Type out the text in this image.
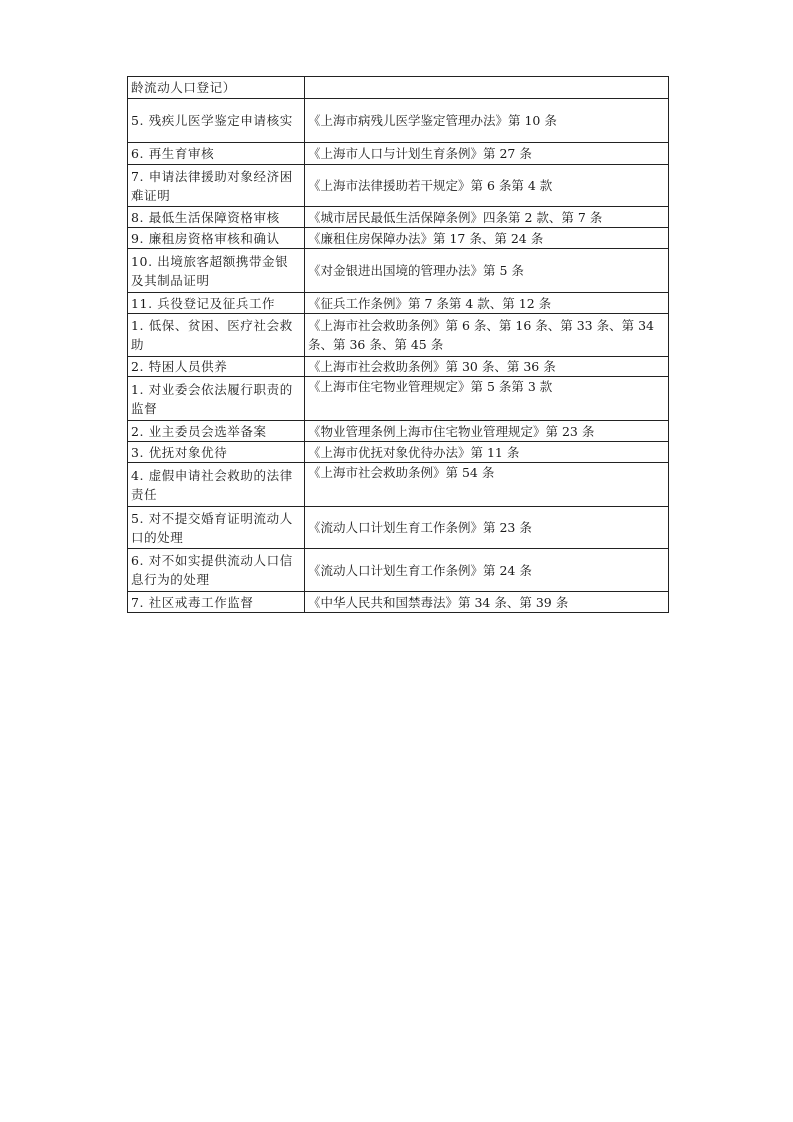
龄流动人口登记）	
5. 残疾儿医学鉴定申请核实	《上海市病残儿医学鉴定管理办法》第 10 条
6. 再生育审核	《上海市人口与计划生育条例》第 27 条
7. 申请法律援助对象经济困难证明	《上海市法律援助若干规定》第 6 条第 4 款
8. 最低生活保障资格审核	《城市居民最低生活保障条例》四条第 2 款、第 7 条
9. 廉租房资格审核和确认	《廉租住房保障办法》第 17 条、第 24 条
10. 出境旅客超额携带金银及其制品证明	《对金银进出国境的管理办法》第 5 条
11. 兵役登记及征兵工作	《征兵工作条例》第 7 条第 4 款、第 12 条
1. 低保、贫困、医疗社会救助	《上海市社会救助条例》第 6 条、第 16 条、第 33 条、第 34 条、第 36 条、第 45 条
2. 特困人员供养	《上海市社会救助条例》第 30 条、第 36 条
1. 对业委会依法履行职责的监督	《上海市住宅物业管理规定》第 5 条第 3 款
2. 业主委员会选举备案	《物业管理条例上海市住宅物业管理规定》第 23 条
3. 优抚对象优待	《上海市优抚对象优待办法》第 11 条
4. 虚假申请社会救助的法律责任	《上海市社会救助条例》第 54 条
5. 对不提交婚育证明流动人口的处理	《流动人口计划生育工作条例》第 23 条
6. 对不如实提供流动人口信息行为的处理	《流动人口计划生育工作条例》第 24 条
7. 社区戒毒工作监督	《中华人民共和国禁毒法》第 34 条、第 39 条
